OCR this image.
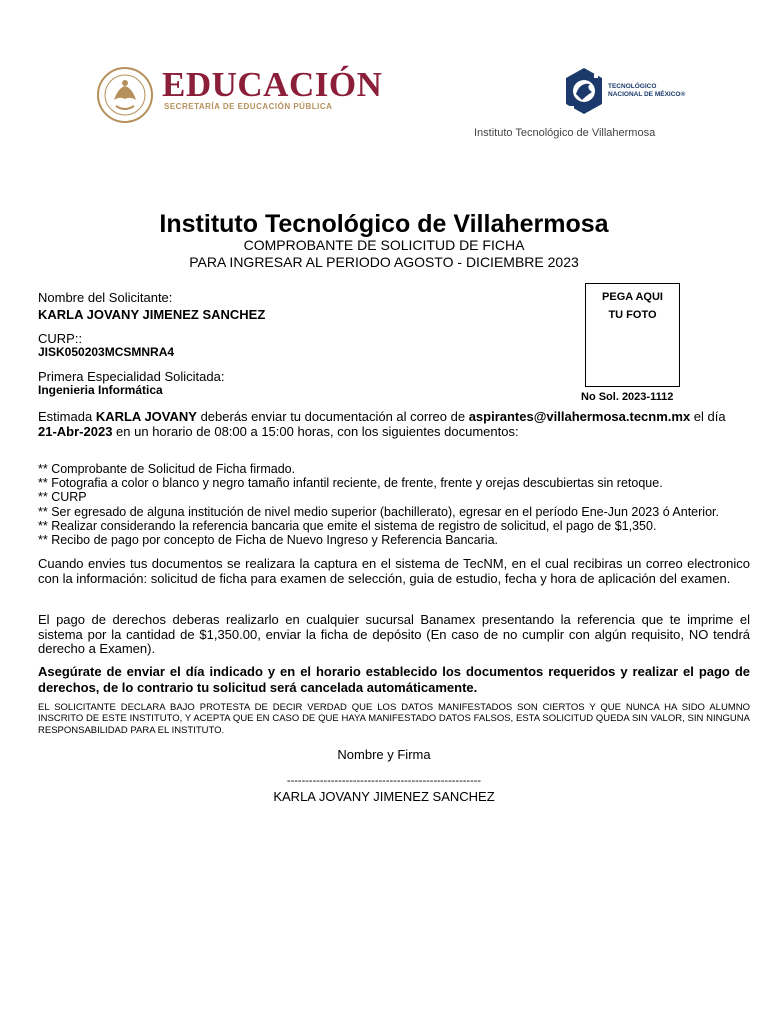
EDUCACIÓN
SECRETARÍA DE EDUCACIÓN PÚBLICA
TECNOLÓGICO
NACIONAL DE MÉXICO®
Instituto Tecnológico de Villahermosa
Instituto Tecnológico de Villahermosa
COMPROBANTE DE SOLICITUD DE FICHA
PARA INGRESAR AL PERIODO AGOSTO - DICIEMBRE 2023
Nombre del Solicitante:
KARLA JOVANY JIMENEZ SANCHEZ
CURP::
JISK050203MCSMNRA4
Primera Especialidad Solicitada:
Ingenieria Informática
PEGA AQUI
TU FOTO
No Sol. 2023-1112
Estimada KARLA JOVANY deberás enviar tu documentación al correo de aspirantes@villahermosa.tecnm.mx el día
21-Abr-2023 en un horario de 08:00 a 15:00 horas, con los siguientes documentos:
** Comprobante de Solicitud de Ficha firmado.
** Fotografia a color o blanco y negro tamaño infantil reciente, de frente, frente y orejas descubiertas sin retoque.
** CURP
** Ser egresado de alguna institución de nivel medio superior (bachillerato), egresar en el período Ene-Jun 2023 ó Anterior.
** Realizar considerando la referencia bancaria que emite el sistema de registro de solicitud, el pago de $1,350.
** Recibo de pago por concepto de Ficha de Nuevo Ingreso y Referencia Bancaria.
Cuando envies tus documentos se realizara la captura en el sistema de TecNM, en el cual recibiras un correo electronico con la información: solicitud de ficha para examen de selección, guia de estudio, fecha y hora de aplicación del examen.
El pago de derechos deberas realizarlo en cualquier sucursal Banamex presentando la referencia que te imprime el sistema por la cantidad de $1,350.00, enviar la ficha de depósito (En caso de no cumplir con algún requisito, NO tendrá derecho a Examen).
Asegúrate de enviar el día indicado y en el horario establecido los documentos requeridos y realizar el pago de derechos, de lo contrario tu solicitud será cancelada automáticamente.
EL SOLICITANTE DECLARA BAJO PROTESTA DE DECIR VERDAD QUE LOS DATOS MANIFESTADOS SON CIERTOS Y QUE NUNCA HA SIDO ALUMNO INSCRITO DE ESTE INSTITUTO, Y ACEPTA QUE EN CASO DE QUE HAYA MANIFESTADO DATOS FALSOS, ESTA SOLICITUD QUEDA SIN VALOR, SIN NINGUNA RESPONSABILIDAD PARA EL INSTITUTO.
Nombre y Firma
-----------------------------------------------------
KARLA JOVANY JIMENEZ SANCHEZ
